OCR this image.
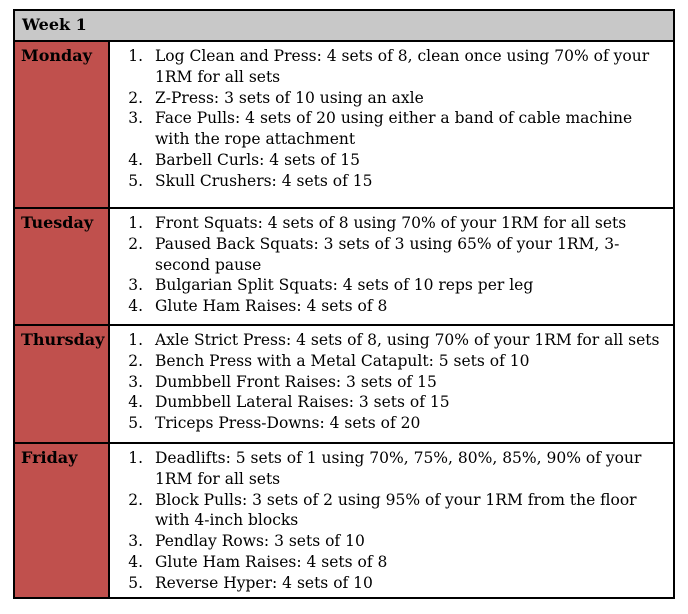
Week 1
Monday	1. Log Clean and Press: 4 sets of 8, clean once using 70% of your 1RM for all sets
2. Z-Press: 3 sets of 10 using an axle
3. Face Pulls: 4 sets of 20 using either a band of cable machine with the rope attachment
4. Barbell Curls: 4 sets of 15
5. Skull Crushers: 4 sets of 15
Tuesday	1. Front Squats: 4 sets of 8 using 70% of your 1RM for all sets
2. Paused Back Squats: 3 sets of 3 using 65% of your 1RM, 3-second pause
3. Bulgarian Split Squats: 4 sets of 10 reps per leg
4. Glute Ham Raises: 4 sets of 8
Thursday	1. Axle Strict Press: 4 sets of 8, using 70% of your 1RM for all sets
2. Bench Press with a Metal Catapult: 5 sets of 10
3. Dumbbell Front Raises: 3 sets of 15
4. Dumbbell Lateral Raises: 3 sets of 15
5. Triceps Press-Downs: 4 sets of 20
Friday	1. Deadlifts: 5 sets of 1 using 70%, 75%, 80%, 85%, 90% of your 1RM for all sets
2. Block Pulls: 3 sets of 2 using 95% of your 1RM from the floor with 4-inch blocks
3. Pendlay Rows: 3 sets of 10
4. Glute Ham Raises: 4 sets of 8
5. Reverse Hyper: 4 sets of 10
